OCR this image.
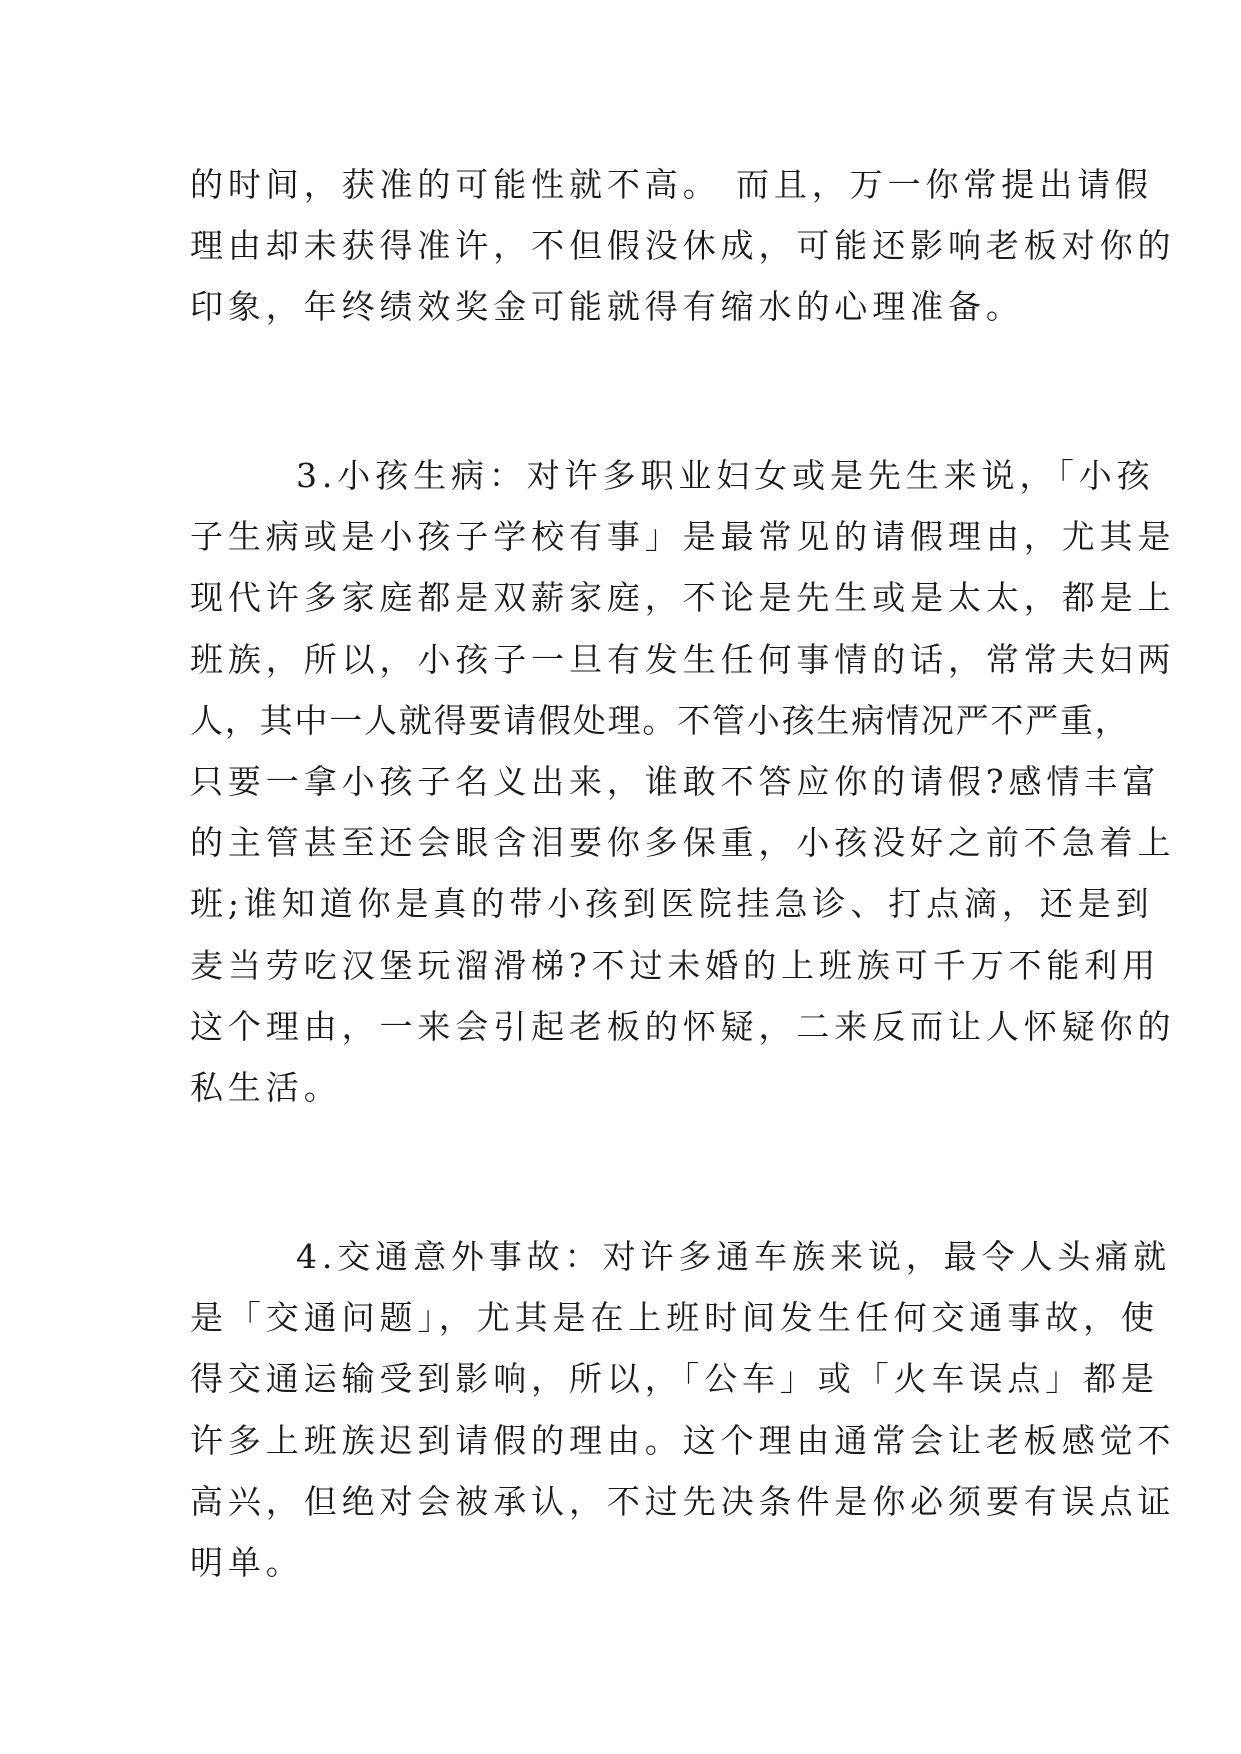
的时间，获准的可能性就不高。 而且，万一你常提出请假
理由却未获得准许，不但假没休成，可能还影响老板对你的
印象，年终绩效奖金可能就得有缩水的心理准备。
3.小孩生病：对许多职业妇女或是先生来说，「小孩
子生病或是小孩子学校有事」是最常见的请假理由，尤其是
现代许多家庭都是双薪家庭，不论是先生或是太太，都是上
班族，所以，小孩子一旦有发生任何事情的话，常常夫妇两
人，其中一人就得要请假处理。不管小孩生病情况严不严重，
只要一拿小孩子名义出来，谁敢不答应你的请假?感情丰富
的主管甚至还会眼含泪要你多保重，小孩没好之前不急着上
班;谁知道你是真的带小孩到医院挂急诊、打点滴，还是到
麦当劳吃汉堡玩溜滑梯?不过未婚的上班族可千万不能利用
这个理由，一来会引起老板的怀疑，二来反而让人怀疑你的
私生活。
4.交通意外事故：对许多通车族来说，最令人头痛就
是「交通问题」，尤其是在上班时间发生任何交通事故，使
得交通运输受到影响，所以，「公车」或「火车误点」都是
许多上班族迟到请假的理由。这个理由通常会让老板感觉不
高兴，但绝对会被承认，不过先决条件是你必须要有误点证
明单。
